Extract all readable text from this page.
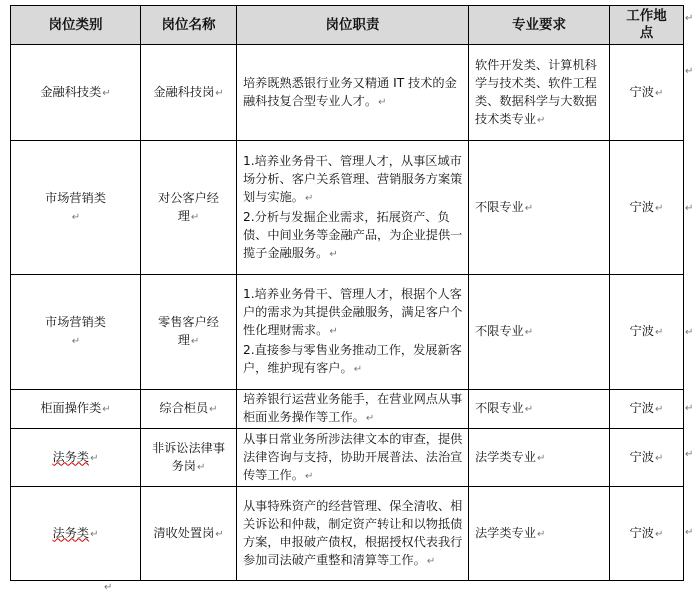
岗位类别	岗位名称	岗位职责	专业要求	工作地点

金融科技类↵	金融科技岗↵	培养既熟悉银行业务又精通 IT 技术的金融科技复合型专业人才。↵	软件开发类、计算机科学与技术类、软件工程类、数据科学与大数据技术类专业↵	宁波↵

市场营销类↵	对公客户经理↵	1.培养业务骨干、管理人才，从事区域市场分析、客户关系管理、营销服务方案策划与实施。↵
2.分析与发掘企业需求，拓展资产、负债、中间业务等金融产品，为企业提供一揽子金融服务。↵	不限专业↵	宁波↵

市场营销类↵	零售客户经理↵	1.培养业务骨干、管理人才，根据个人客户的需求为其提供金融服务，满足客户个性化理财需求。↵
2.直接参与零售业务推动工作，发展新客户，维护现有客户。↵	不限专业↵	宁波↵

柜面操作类↵	综合柜员↵	培养银行运营业务能手，在营业网点从事柜面业务操作等工作。↵	不限专业↵	宁波↵

法务类↵	非诉讼法律事务岗↵	从事日常业务所涉法律文本的审查，提供法律咨询与支持，协助开展普法、法治宣传等工作。↵	法学类专业↵	宁波↵

法务类↵	清收处置岗↵	从事特殊资产的经营管理、保全清收、相关诉讼和仲裁，制定资产转让和以物抵债方案，申报破产债权，根据授权代表我行参加司法破产重整和清算等工作。↵	法学类专业↵	宁波↵
↵
↵
↵
↵
↵
↵
↵
↵
